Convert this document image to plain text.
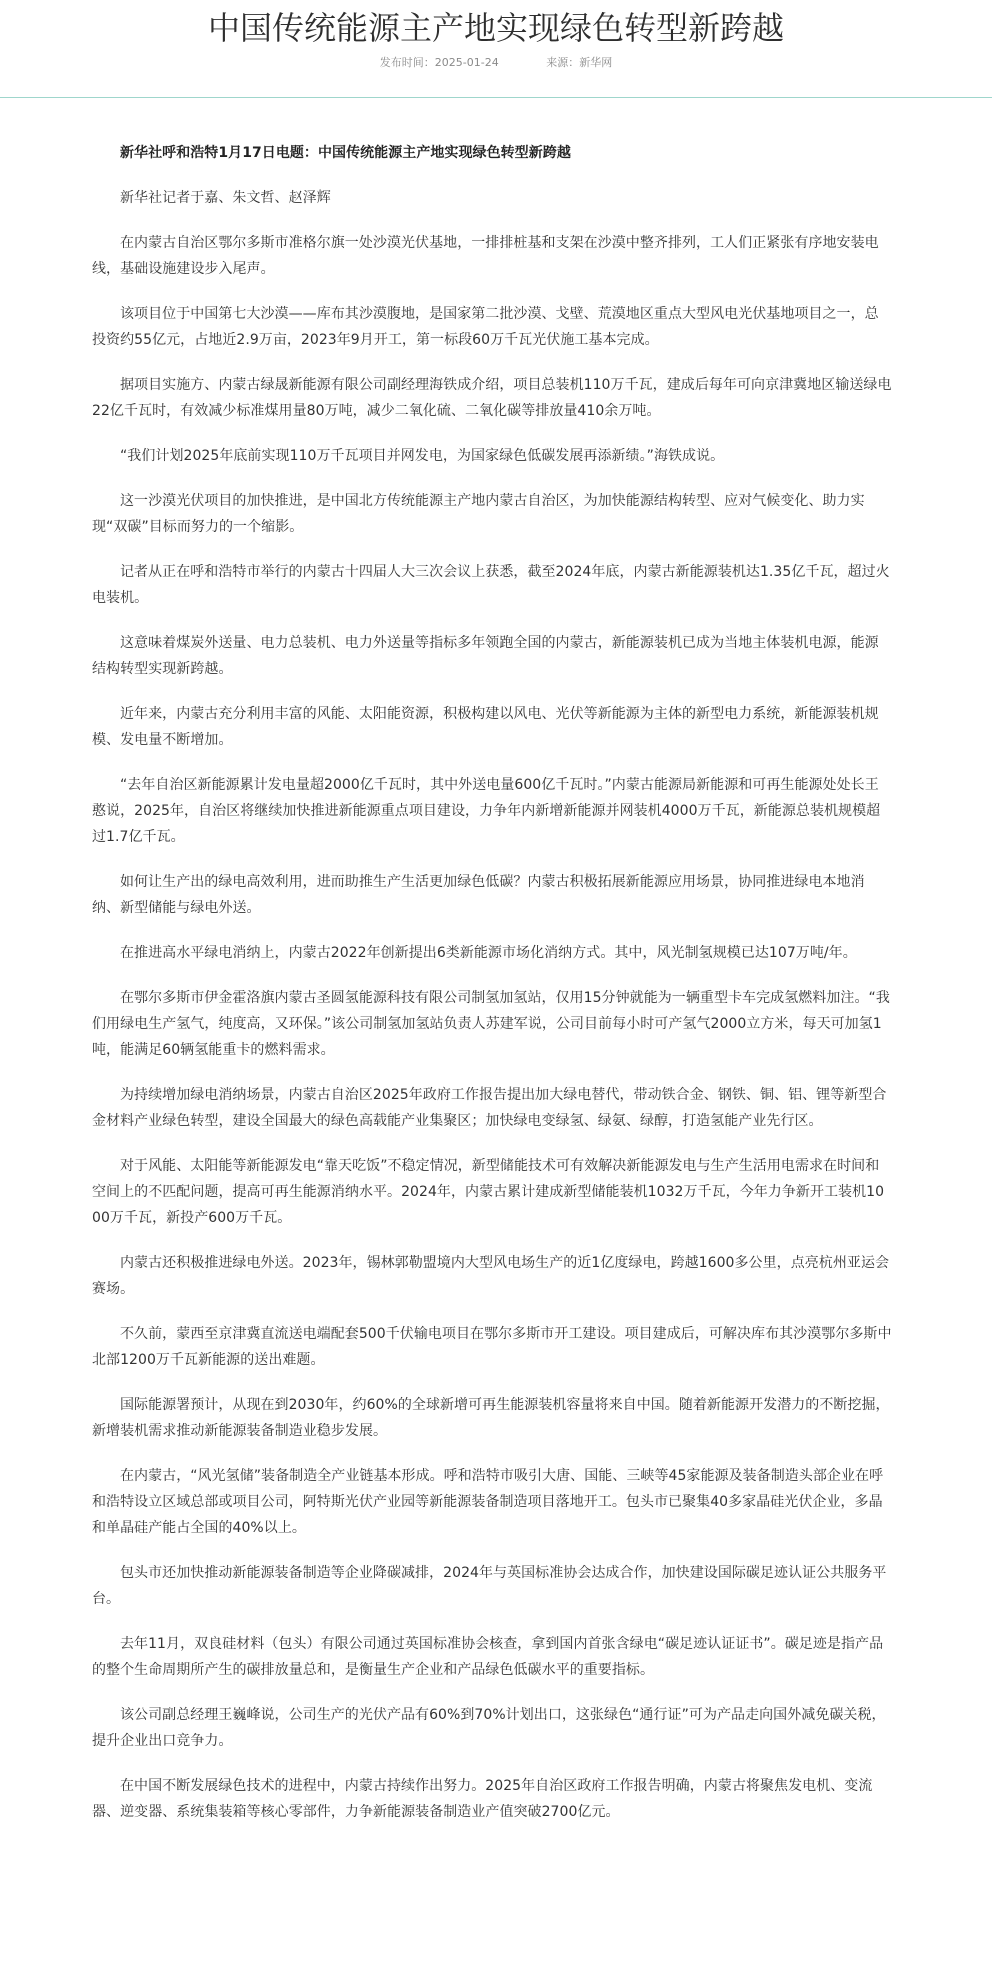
中国传统能源主产地实现绿色转型新跨越
发布时间：2025-01-24	来源：新华网

新华社呼和浩特1月17日电题：中国传统能源主产地实现绿色转型新跨越

新华社记者于嘉、朱文哲、赵泽辉

在内蒙古自治区鄂尔多斯市准格尔旗一处沙漠光伏基地，一排排桩基和支架在沙漠中整齐排列，工人们正紧张有序地安装电线，基础设施建设步入尾声。

该项目位于中国第七大沙漠——库布其沙漠腹地，是国家第二批沙漠、戈壁、荒漠地区重点大型风电光伏基地项目之一，总投资约55亿元，占地近2.9万亩，2023年9月开工，第一标段60万千瓦光伏施工基本完成。

据项目实施方、内蒙古绿晟新能源有限公司副经理海铁成介绍，项目总装机110万千瓦，建成后每年可向京津冀地区输送绿电22亿千瓦时，有效减少标准煤用量80万吨，减少二氧化硫、二氧化碳等排放量410余万吨。

“我们计划2025年底前实现110万千瓦项目并网发电，为国家绿色低碳发展再添新绩。”海铁成说。

这一沙漠光伏项目的加快推进，是中国北方传统能源主产地内蒙古自治区，为加快能源结构转型、应对气候变化、助力实现“双碳”目标而努力的一个缩影。

记者从正在呼和浩特市举行的内蒙古十四届人大三次会议上获悉，截至2024年底，内蒙古新能源装机达1.35亿千瓦，超过火电装机。

这意味着煤炭外送量、电力总装机、电力外送量等指标多年领跑全国的内蒙古，新能源装机已成为当地主体装机电源，能源结构转型实现新跨越。

近年来，内蒙古充分利用丰富的风能、太阳能资源，积极构建以风电、光伏等新能源为主体的新型电力系统，新能源装机规模、发电量不断增加。

“去年自治区新能源累计发电量超2000亿千瓦时，其中外送电量600亿千瓦时。”内蒙古能源局新能源和可再生能源处处长王憨说，2025年，自治区将继续加快推进新能源重点项目建设，力争年内新增新能源并网装机4000万千瓦，新能源总装机规模超过1.7亿千瓦。

如何让生产出的绿电高效利用，进而助推生产生活更加绿色低碳？内蒙古积极拓展新能源应用场景，协同推进绿电本地消纳、新型储能与绿电外送。

在推进高水平绿电消纳上，内蒙古2022年创新提出6类新能源市场化消纳方式。其中，风光制氢规模已达107万吨/年。

在鄂尔多斯市伊金霍洛旗内蒙古圣圆氢能源科技有限公司制氢加氢站，仅用15分钟就能为一辆重型卡车完成氢燃料加注。“我们用绿电生产氢气，纯度高，又环保。”该公司制氢加氢站负责人苏建军说，公司目前每小时可产氢气2000立方米，每天可加氢1吨，能满足60辆氢能重卡的燃料需求。

为持续增加绿电消纳场景，内蒙古自治区2025年政府工作报告提出加大绿电替代，带动铁合金、钢铁、铜、铝、锂等新型合金材料产业绿色转型，建设全国最大的绿色高载能产业集聚区；加快绿电变绿氢、绿氨、绿醇，打造氢能产业先行区。

对于风能、太阳能等新能源发电“靠天吃饭”不稳定情况，新型储能技术可有效解决新能源发电与生产生活用电需求在时间和空间上的不匹配问题，提高可再生能源消纳水平。2024年，内蒙古累计建成新型储能装机1032万千瓦，今年力争新开工装机1000万千瓦，新投产600万千瓦。

内蒙古还积极推进绿电外送。2023年，锡林郭勒盟境内大型风电场生产的近1亿度绿电，跨越1600多公里，点亮杭州亚运会赛场。

不久前，蒙西至京津冀直流送电端配套500千伏输电项目在鄂尔多斯市开工建设。项目建成后，可解决库布其沙漠鄂尔多斯中北部1200万千瓦新能源的送出难题。

国际能源署预计，从现在到2030年，约60%的全球新增可再生能源装机容量将来自中国。随着新能源开发潜力的不断挖掘，新增装机需求推动新能源装备制造业稳步发展。

在内蒙古，“风光氢储”装备制造全产业链基本形成。呼和浩特市吸引大唐、国能、三峡等45家能源及装备制造头部企业在呼和浩特设立区域总部或项目公司，阿特斯光伏产业园等新能源装备制造项目落地开工。包头市已聚集40多家晶硅光伏企业，多晶和单晶硅产能占全国的40%以上。

包头市还加快推动新能源装备制造等企业降碳减排，2024年与英国标准协会达成合作，加快建设国际碳足迹认证公共服务平台。

去年11月，双良硅材料（包头）有限公司通过英国标准协会核查，拿到国内首张含绿电“碳足迹认证证书”。碳足迹是指产品的整个生命周期所产生的碳排放量总和，是衡量生产企业和产品绿色低碳水平的重要指标。

该公司副总经理王巍峰说，公司生产的光伏产品有60%到70%计划出口，这张绿色“通行证”可为产品走向国外减免碳关税，提升企业出口竞争力。

在中国不断发展绿色技术的进程中，内蒙古持续作出努力。2025年自治区政府工作报告明确，内蒙古将聚焦发电机、变流器、逆变器、系统集装箱等核心零部件，力争新能源装备制造业产值突破2700亿元。
